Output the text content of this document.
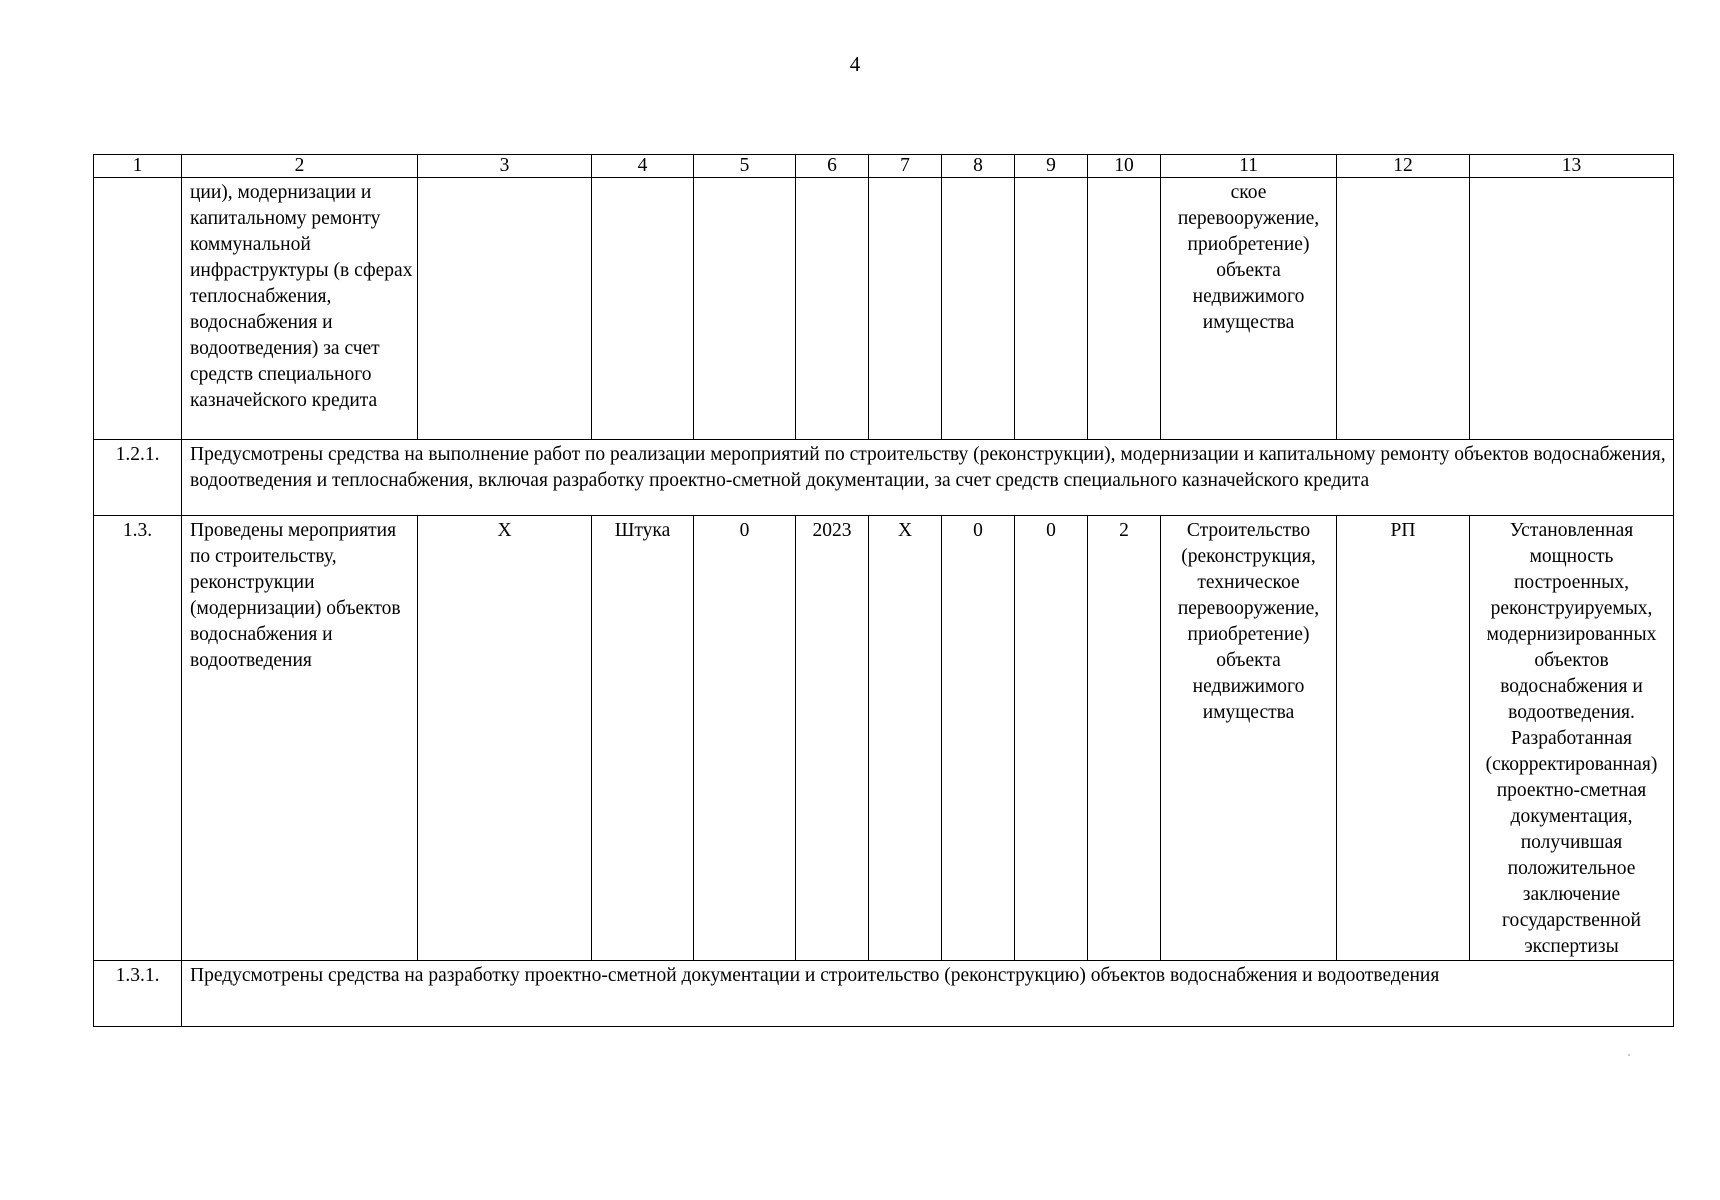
4
1	2	3	4	5	6	7	8	9	10	11	12	13
	ции), модернизации и капитальному ремонту коммунальной инфраструктуры (в сферах теплоснабжения, водоснабжения и водоотведения) за счет средств специального казначейского кредита									ское перевооружение, приобретение) объекта недвижимого имущества		
1.2.1.	Предусмотрены средства на выполнение работ по реализации мероприятий по строительству (реконструкции), модернизации и капитальному ремонту объектов водоснабжения, водоотведения и теплоснабжения, включая разработку проектно-сметной документации, за счет средств специального казначейского кредита											
1.3.	Проведены мероприятия по строительству, реконструкции (модернизации) объектов водоснабжения и водоотведения	X	Штука	0	2023	X	0	0	2	Строительство (реконструкция, техническое перевооружение, приобретение) объекта недвижимого имущества	РП	Установленная мощность построенных, реконструируемых, модернизированных объектов водоснабжения и водоотведения. Разработанная (скорректированная) проектно-сметная документация, получившая положительное заключение государственной экспертизы
1.3.1.	Предусмотрены средства на разработку проектно-сметной документации и строительство (реконструкцию) объектов водоснабжения и водоотведения											
